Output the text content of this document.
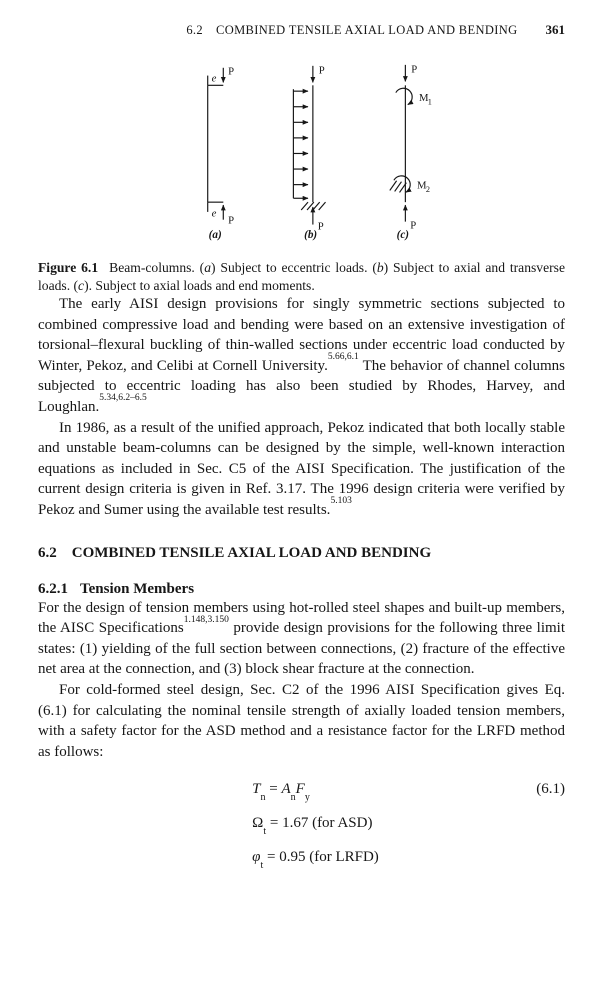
6.2 COMBINED TENSILE AXIAL LOAD AND BENDING 361
e
P
e
P
(a)
P
P
(b)
P
M 1
M 2
P
(c)
Figure 6.1 Beam-columns. (a) Subject to eccentric loads. (b) Subject to axial and transverse loads. (c). Subject to axial loads and end moments.

The early AISI design provisions for singly symmetric sections subjected to combined compressive load and bending were based on an extensive investigation of torsional–flexural buckling of thin-walled sections under eccentric load conducted by Winter, Pekoz, and Celibi at Cornell University.$^{5.66,6.1}$ The behavior of channel columns subjected to eccentric loading has also been studied by Rhodes, Harvey, and Loughlan.$^{5.34,6.2-6.5}$

In 1986, as a result of the unified approach, Pekoz indicated that both locally stable and unstable beam-columns can be designed by the simple, well-known interaction equations as included in Sec. C5 of the AISI Specification. The justification of the current design criteria is given in Ref. 3.17. The 1996 design criteria were verified by Pekoz and Sumer using the available test results.$^{5.103}$

6.2 COMBINED TENSILE AXIAL LOAD AND BENDING
6.2.1 Tension Members

For the design of tension members using hot-rolled steel shapes and built-up members, the AISC Specifications$^{1.148,3.150}$ provide design provisions for the following three limit states: (1) yielding of the full section between connections, (2) fracture of the effective net area at the connection, and (3) block shear fracture at the connection.

For cold-formed steel design, Sec. C2 of the 1996 AISI Specification gives Eq. (6.1) for calculating the nominal tensile strength of axially loaded tension members, with a safety factor for the ASD method and a resistance factor for the LRFD method as follows:

(6.1)
$T_n = A_nF_y$
$\Omega_t = 1.67$ (for ASD)
$\varphi_t = 0.95$ (for LRFD)
